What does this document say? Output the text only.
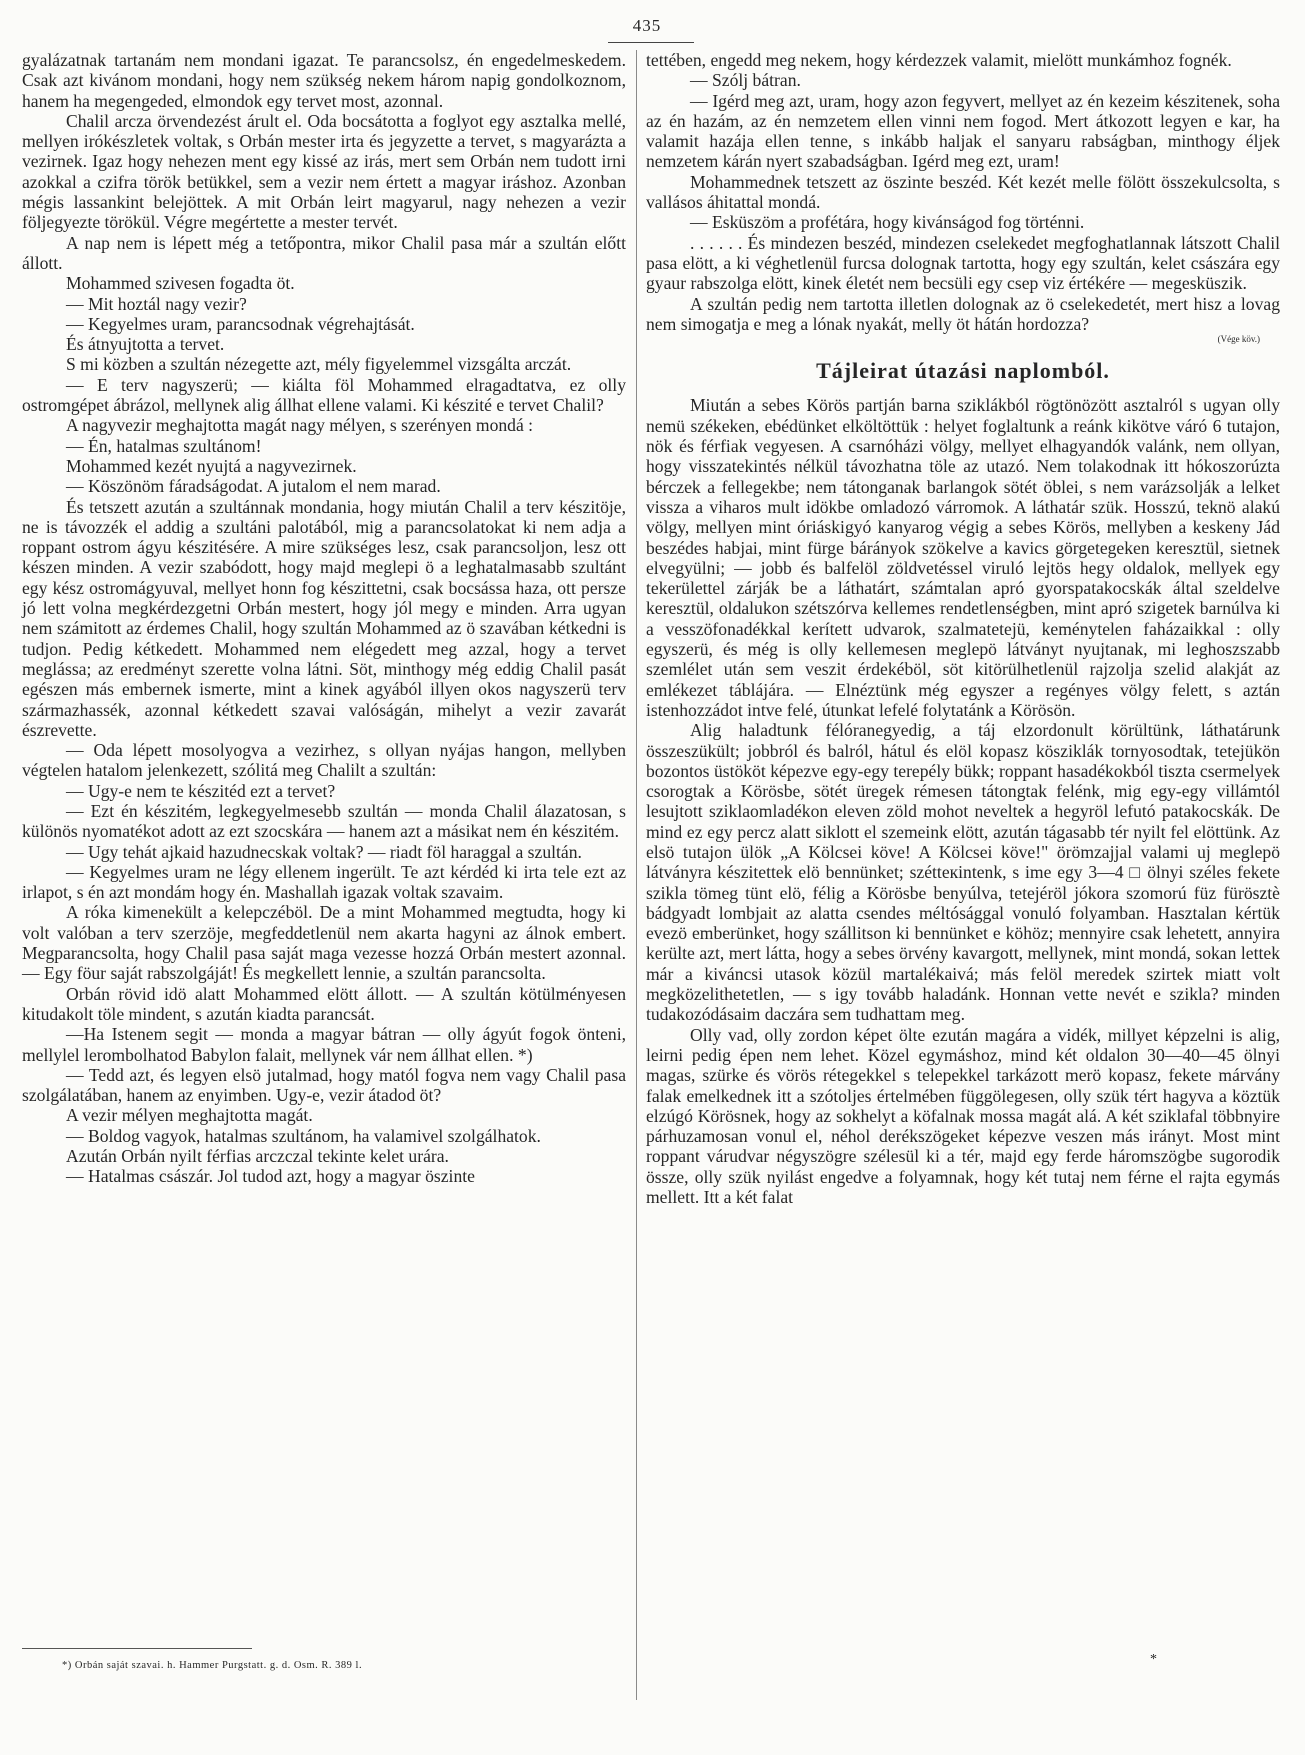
435

gyalázatnak tartanám nem mondani igazat. Te parancsolsz, én engedelmeskedem. Csak azt kivánom mondani, hogy nem szükség nekem három napig gondolkoznom, hanem ha megengeded, elmondok egy tervet most, azonnal.

Chalil arcza örvendezést árult el. Oda bocsátotta a foglyot egy asztalka mellé, mellyen irókészletek voltak, s Orbán mester irta és jegyzette a tervet, s magyarázta a vezirnek. Igaz hogy nehezen ment egy kissé az irás, mert sem Orbán nem tudott irni azokkal a czifra török betükkel, sem a vezir nem értett a magyar iráshoz. Azonban mégis lassankint belejöttek. A mit Orbán leirt magyarul, nagy nehezen a vezir följegyezte törökül. Végre megértette a mester tervét.

A nap nem is lépett még a tetőpontra, mikor Chalil pasa már a szultán előtt állott.

Mohammed szivesen fogadta öt.

— Mit hoztál nagy vezir?

— Kegyelmes uram, parancsodnak végrehajtását.

És átnyujtotta a tervet.

S mi közben a szultán nézegette azt, mély figyelemmel vizsgálta arczát.

— E terv nagyszerü; — kiálta föl Mohammed elragadtatva, ez olly ostromgépet ábrázol, mellynek alig állhat ellene valami. Ki készité e tervet Chalil?

A nagyvezir meghajtotta magát nagy mélyen, s szerényen mondá :

— Én, hatalmas szultánom!

Mohammed kezét nyujtá a nagyvezirnek.

— Köszönöm fáradságodat. A jutalom el nem marad.

És tetszett azután a szultánnak mondania, hogy miután Chalil a terv készitöje, ne is távozzék el addig a szultáni palotából, mig a parancsolatokat ki nem adja a roppant ostrom ágyu készitésére. A mire szükséges lesz, csak parancsoljon, lesz ott készen minden. A vezir szabódott, hogy majd meglepi ö a leghatalmasabb szultánt egy kész ostromágyuval, mellyet honn fog készittetni, csak bocsássa haza, ott perszе jó lett volna megkérdezgetni Orbán mestert, hogy jól megy e minden. Arra ugyan nem számitott az érdemes Chalil, hogy szultán Mohammed az ö szavában kétkedni is tudjon. Pedig kétkedett. Mohammed nem elégedett meg azzal, hogy a tervet meglássa; az eredményt szerette volna látni. Söt, minthogy még eddig Chalil pasát egészen más embernek ismerte, mint a kinek agyából illyen okos nagyszerü terv származhassék, azonnal kétkedett szavai valóságán, mihelyt a vezir zavarát észrevette.

— Oda lépett mosolyogva a vezirhez, s ollyan nyájas hangon, mellyben végtelen hatalom jelenkezett, szólitá meg Chalilt a szultán:

— Ugy-e nem te készitéd ezt a tervet?

— Ezt én készitém, legkegyelmesebb szultán — monda Chalil álazatosan, s különös nyomatékot adott az ezt szocskára — hanem azt a másikat nem én készitém.

— Ugy tehát ajkaid hazudnecskak voltak? — riadt föl haraggal a szultán.

— Kegyelmes uram ne légy ellenem ingerült. Te azt kérdéd ki irta tele ezt az irlapot, s én azt mondám hogy én. Mashallah igazak voltak szavaim.

A róka kimenekült a kelepczéböl. De a mint Mohammed megtudta, hogy ki volt valóban a terv szerzöje, megfeddetlenül nem akarta hagyni az álnok embert. Megparancsolta, hogy Chalil pasa saját maga vezesse hozzá Orbán mestert azonnal. — Egy föur saját rabszolgáját! És megkellett lennie, a szultán parancsolta.

Orbán rövid idö alatt Mohammed elött állott. — A szultán kötülményesen kitudakolt töle mindent, s azután kiadta parancsát.

—Ha Istenem segit — monda a magyar bátran — olly ágyút fogok önteni, mellylel lerombolhatod Babylon falait, mellynek vár nem állhat ellen. *)

— Tedd azt, és legyen elsö jutalmad, hogy matól fogva nem vagy Chalil pasa szolgálatában, hanem az enyimben. Ugy-e, vezir átadod öt?

A vezir mélyen meghajtotta magát.

— Boldog vagyok, hatalmas szultánom, ha valamivel szolgálhatok.

Azután Orbán nyilt férfias arczczal tekinte kelet urára.

— Hatalmas császár. Jol tudod azt, hogy a magyar öszinte

tettében, engedd meg nekem, hogy kérdezzek valamit, mielött munkámhoz fognék.

— Szólj bátran.

— Igérd meg azt, uram, hogy azon fegyvert, mellyet az én kezeim készitenek, soha az én hazám, az én nemzetem ellen vinni nem fogod. Mert átkozott legyen e kar, ha valamit hazája ellen tenne, s inkább haljak el sanyaru rabságban, minthogy éljek nemzetem kárán nyert szabadságban. Igérd meg ezt, uram!

Mohammednek tetszett az öszinte beszéd. Két kezét melle fölött összekulcsolta, s vallásos áhitattal mondá.

— Esküszöm a profétára, hogy kivánságod fog történni.

. . . . . . És mindezen beszéd, mindezen cselekedet megfoghatlannak látszott Chalil pasa elött, a ki véghetlenül furcsa dolognak tartotta, hogy egy szultán, kelet császára egy gyaur rabszolga elött, kinek életét nem becsüli egy csep viz értékére — megesküszik.

A szultán pedig nem tartotta illetlen dolognak az ö cselekedetét, mert hisz a lovag nem simogatja e meg a lónak nyakát, melly öt hátán hordozza?

(Vége köv.)
Tájleirat útazási naplomból.

Miután a sebes Körös partján barna sziklákból rögtönözött asztalról s ugyan olly nemü székeken, ebédünket elköltöttük : helyet foglaltunk a reánk kikötve váró 6 tutajon, nök és férfiak vegyesen. A csarnóházi völgy, mellyet elhagyandók valánk, nem ollyan, hogy visszatekintés nélkül távozhatna töle az utazó. Nem tolakodnak itt hókoszorúzta bérczek a fellegekbe; nem tátonganak barlangok sötét öblei, s nem varázsolják a lelket vissza a viharos mult idökbe omladozó várromok. A láthatár szük. Hosszú, teknö alakú völgy, mellyen mint óriáskigyó kanyarog végig a sebes Körös, mellyben a keskeny Jád beszédes habjai, mint fürge bárányok szökelve a kavics görgetegeken keresztül, sietnek elvegyülni; — jobb és balfelöl zöldvetéssel viruló lejtös hegy oldalok, mellyek egy tekerülettel zárják be a láthatárt, számtalan apró gyorspatakocskák által szeldelve keresztül, oldalukon szétszórva kellemes rendetlenségben, mint apró szigetek barnúlva ki a vesszöfonadékkal kerített udvarok, szalmatetejü, keménytelen faházaikkal : olly egyszerü, és még is olly kellemesen meglepö látványt nyujtanak, mi leghoszszabb szemlélet után sem veszit érdekéböl, söt kitörülhetlenül rajzolja szelid alakját az emlékezet táblájára. — Elnéztünk még egyszer a regényes völgy felett, s aztán istenhozzádot intve felé, útunkat lefelé folytatánk a Körösön.

Alig haladtunk félóranegyedig, a táj elzordonult körültünk, láthatárunk összeszükült; jobbról és balról, hátul és elöl kopasz kösziklák tornyosodtak, tetejükön bozontos üstököt képezve egy-egy terepély bükk; roppant hasadékokból tiszta csermelyek csorogtak a Körösbe, sötét üregek rémesen tátongtak felénk, mig egy-egy villámtól lesujtott sziklaomladékon eleven zöld mohot neveltek a hegyröl lefutó patakocskák. De mind ez egy percz alatt siklott el szemeink elött, azután tágasabb tér nyilt fel elöttünk. Az elsö tutajon ülök „A Kölcsei köve! A Kölcsei köve!" örömzajjal valami uj meglepö látványra készitettek elö bennünket; szétteкintenk, s ime egy 3—4 □ ölnyi széles fekete szikla tömeg tünt elö, félig a Körösbe benyúlva, tetejéröl jókora szomorú füz fürösztè bádgyadt lombjait az alatta csendes méltósággal vonuló folyamban. Hasztalan kértük evezö emberünket, hogy szállitson ki bennünket e köhöz; mennyire csak lehetett, annyira kerülte azt, mert látta, hogy a sebes örvény kavargott, mellynek, mint mondá, sokan lettek már a kiváncsi utasok közül martalékaivá; más felöl meredek szirtek miatt volt megközelithetetlen, — s igy tovább haladánk. Honnan vette nevét e szikla? minden tudakozódásaim daczára sem tudhattam meg.

Olly vad, olly zordon képet ölte ezután magára a vidék, millyet képzelni is alig, leirni pedig épen nem lehet. Közel egymáshoz, mind két oldalon 30—40—45 ölnyi magas, szürke és vörös rétegekkel s telepekkel tarkázott merö kopasz, fekete márvány falak emelkednek itt a szótoljes értelmében függölegesen, olly szük tért hagyva a köztük elzúgó Körösnek, hogy az sokhelyt a köfalnak mossa magát alá. A két sziklafal többnyire párhuzamosan vonul el, néhol derékszögeket képezve veszen más irányt. Most mint roppant várudvar négyszögre szélesül ki a tér, majd egy ferde háromszögbe sugorodik össze, olly szük nyilást engedve a folyamnak, hogy két tutaj nem férne el rajta egymás mellett. Itt a két falat

*) Orbán saját szavai. h. Hammer Purgstatt. g. d. Osm. R. 389 l.	*
